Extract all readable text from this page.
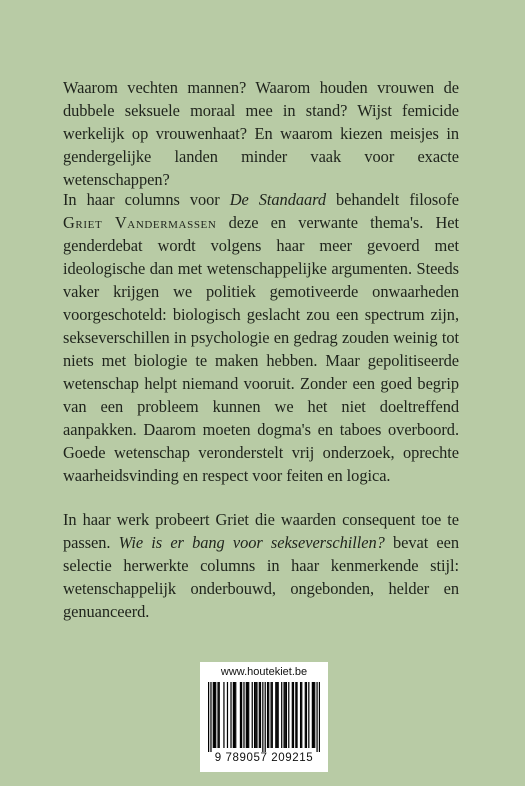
Waarom vechten mannen? Waarom houden vrouwen de dubbele seksuele moraal mee in stand? Wijst femicide werkelijk op vrouwenhaat? En waarom kiezen meisjes in gendergelijke landen minder vaak voor exacte wetenschappen?

In haar columns voor De Standaard behandelt filosofe Griet Vandermassen deze en verwante thema's. Het genderdebat wordt volgens haar meer gevoerd met ideologische dan met wetenschappelijke argumenten. Steeds vaker krijgen we politiek gemotiveerde onwaarheden voorgeschoteld: biologisch geslacht zou een spectrum zijn, sekseverschillen in psychologie en gedrag zouden weinig tot niets met biologie te maken hebben. Maar gepolitiseerde wetenschap helpt niemand vooruit. Zonder een goed begrip van een probleem kunnen we het niet doeltreffend aanpakken. Daarom moeten dogma's en taboes overboord. Goede wetenschap veronderstelt vrij onderzoek, oprechte waarheidsvinding en respect voor feiten en logica.

In haar werk probeert Griet die waarden consequent toe te passen. Wie is er bang voor sekseverschillen? bevat een selectie herwerkte columns in haar kenmerkende stijl: wetenschappelijk onderbouwd, ongebonden, helder en genuanceerd.

www.houtekiet.be
9 789057 209215
